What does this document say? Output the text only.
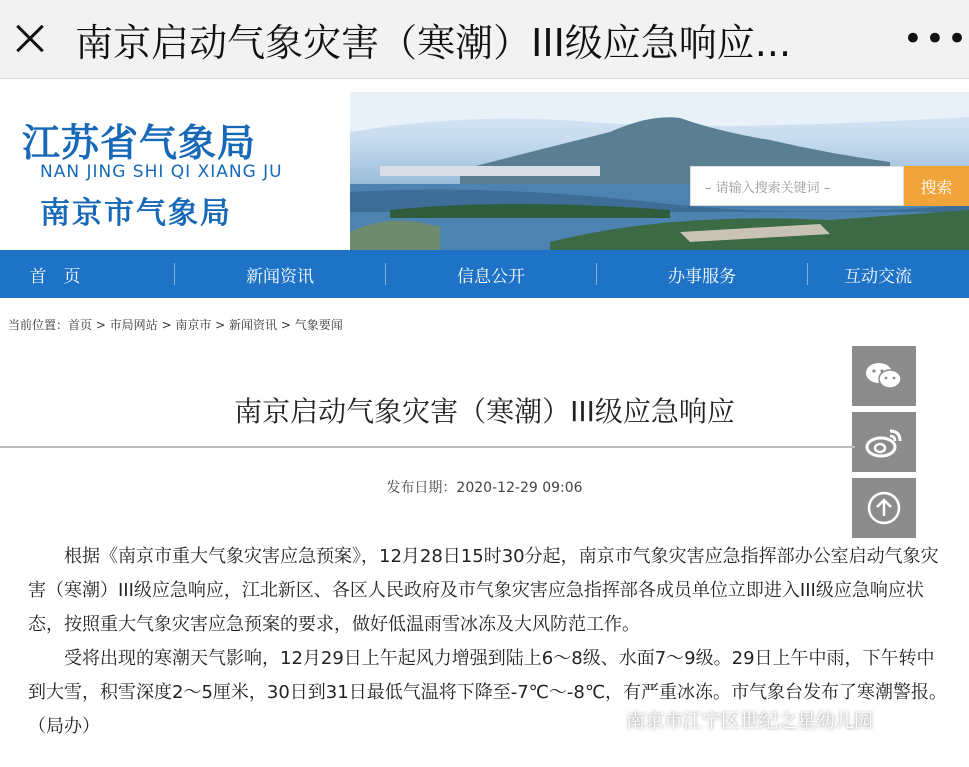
南京启动气象灾害（寒潮）III级应急响应...	•••
江苏省气象局
NAN JING SHI QI XIANG JU
南京市气象局
– 请输入搜索关键词 –	搜索
首　页	新闻资讯	信息公开	办事服务	互动交流
当前位置：首页 > 市局网站 > 南京市 > 新闻资讯 > 气象要闻
南京启动气象灾害（寒潮）III级应急响应
发布日期：2020-12-29 09:06

根据《南京市重大气象灾害应急预案》，12月28日15时30分起，南京市气象灾害应急指挥部办公室启动气象灾害（寒潮）III级应急响应，江北新区、各区人民政府及市气象灾害应急指挥部各成员单位立即进入III级应急响应状态，按照重大气象灾害应急预案的要求，做好低温雨雪冰冻及大风防范工作。

受将出现的寒潮天气影响，12月29日上午起风力增强到陆上6～8级、水面7～9级。29日上午中雨，下午转中到大雪，积雪深度2～5厘米，30日到31日最低气温将下降至-7℃～-8℃，有严重冰冻。市气象台发布了寒潮警报。（局办）	南京市江宁区世纪之星幼儿园
